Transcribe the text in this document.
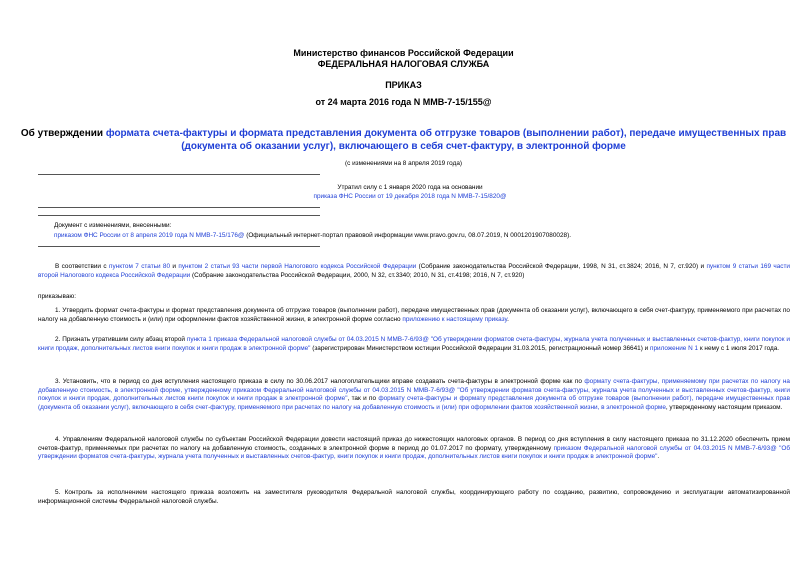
Министерство финансов Российской Федерации
ФЕДЕРАЛЬНАЯ НАЛОГОВАЯ СЛУЖБА
ПРИКАЗ
от 24 марта 2016 года N ММВ-7-15/155@
Об утверждении формата счета-фактуры и формата представления документа об отгрузке товаров (выполнении работ), передаче имущественных прав (документа об оказании услуг), включающего в себя счет-фактуру, в электронной форме
(с изменениями на 8 апреля 2019 года)
Утратил силу с 1 января 2020 года на основании
приказа ФНС России от 19 декабря 2018 года N ММВ-7-15/820@
Документ с изменениями, внесенными:
приказом ФНС России от 8 апреля 2019 года N ММВ-7-15/176@ (Официальный интернет-портал правовой информации www.pravo.gov.ru, 08.07.2019, N 0001201907080028).
В соответствии с пунктом 7 статьи 80 и пунктом 2 статьи 93 части первой Налогового кодекса Российской Федерации (Собрание законодательства Российской Федерации, 1998, N 31, ст.3824; 2016, N 7, ст.920) и пунктом 9 статьи 169 части второй Налогового кодекса Российской Федерации (Собрание законодательства Российской Федерации, 2000, N 32, ст.3340; 2010, N 31, ст.4198; 2016, N 7, ст.920)
приказываю:
1. Утвердить формат счета-фактуры и формат представления документа об отгрузке товаров (выполнении работ), передаче имущественных прав (документа об оказании услуг), включающего в себя счет-фактуру, применяемого при расчетах по налогу на добавленную стоимость и (или) при оформлении фактов хозяйственной жизни, в электронной форме согласно приложению к настоящему приказу.
2. Признать утратившим силу абзац второй пункта 1 приказа Федеральной налоговой службы от 04.03.2015 N ММВ-7-6/93@ "Об утверждении форматов счета-фактуры, журнала учета полученных и выставленных счетов-фактур, книги покупок и книги продаж, дополнительных листов книги покупок и книги продаж в электронной форме" (зарегистрирован Министерством юстиции Российской Федерации 31.03.2015, регистрационный номер 36641) и приложение N 1 к нему с 1 июля 2017 года.
3. Установить, что в период со дня вступления настоящего приказа в силу по 30.06.2017 налогоплательщики вправе создавать счета-фактуры в электронной форме как по формату счета-фактуры, применяемому при расчетах по налогу на добавленную стоимость, в электронной форме, утвержденному приказом Федеральной налоговой службы от 04.03.2015 N ММВ-7-6/93@ "Об утверждении форматов счета-фактуры, журнала учета полученных и выставленных счетов-фактур, книги покупок и книги продаж, дополнительных листов книги покупок и книги продаж в электронной форме", так и по формату счета-фактуры и формату представления документа об отгрузке товаров (выполнении работ), передаче имущественных прав (документа об оказании услуг), включающего в себя счет-фактуру, применяемого при расчетах по налогу на добавленную стоимость и (или) при оформлении фактов хозяйственной жизни, в электронной форме, утвержденному настоящим приказом.
4. Управлениям Федеральной налоговой службы по субъектам Российской Федерации довести настоящий приказ до нижестоящих налоговых органов. В период со дня вступления в силу настоящего приказа по 31.12.2020 обеспечить прием счетов-фактур, применяемых при расчетах по налогу на добавленную стоимость, созданных в электронной форме в период до 01.07.2017 по формату, утвержденному приказом Федеральной налоговой службы от 04.03.2015 N ММВ-7-6/93@ "Об утверждении форматов счета-фактуры, журнала учета полученных и выставленных счетов-фактур, книги покупок и книги продаж, дополнительных листов книги покупок и книги продаж в электронной форме".
5. Контроль за исполнением настоящего приказа возложить на заместителя руководителя Федеральной налоговой службы, координирующего работу по созданию, развитию, сопровождению и эксплуатации автоматизированной информационной системы Федеральной налоговой службы.
